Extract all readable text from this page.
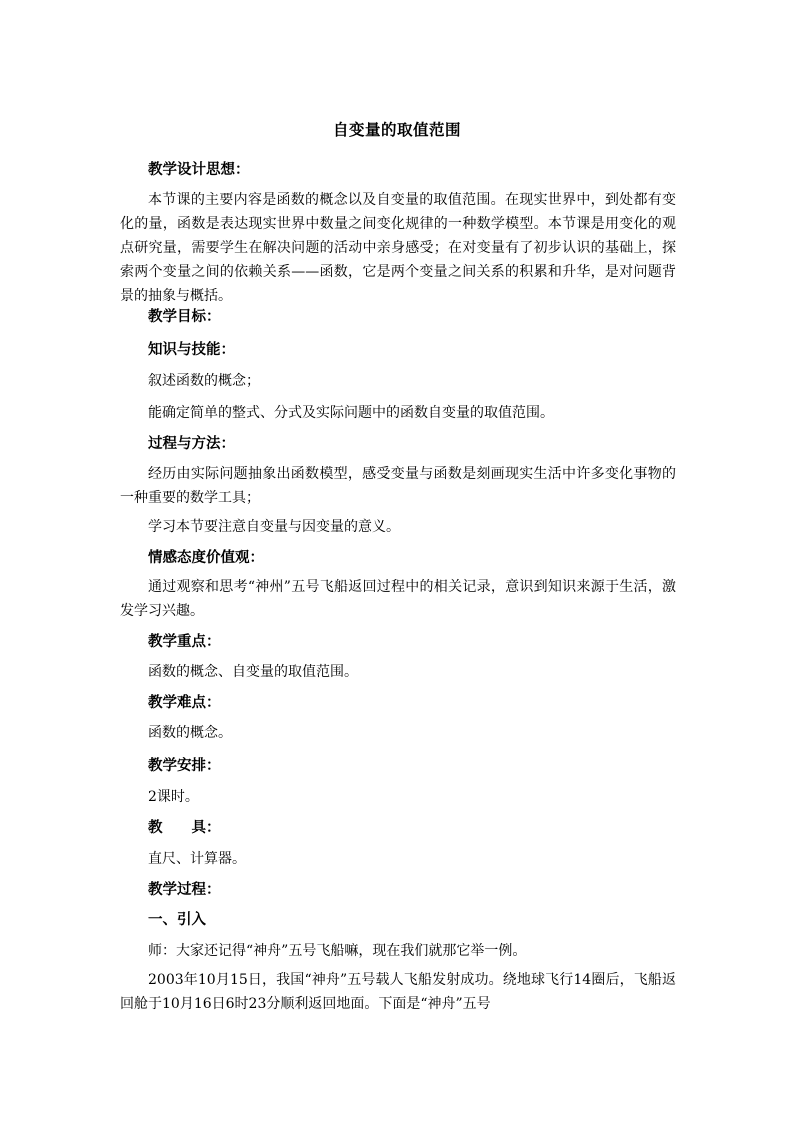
自变量的取值范围
教学设计思想：
本节课的主要内容是函数的概念以及自变量的取值范围。在现实世界中，到处都有变化的量，函数是表达现实世界中数量之间变化规律的一种数学模型。本节课是用变化的观点研究量，需要学生在解决问题的活动中亲身感受；在对变量有了初步认识的基础上，探索两个变量之间的依赖关系——函数，它是两个变量之间关系的积累和升华，是对问题背景的抽象与概括。
教学目标：
知识与技能：
叙述函数的概念；
能确定简单的整式、分式及实际问题中的函数自变量的取值范围。
过程与方法：
经历由实际问题抽象出函数模型，感受变量与函数是刻画现实生活中许多变化事物的一种重要的数学工具；
学习本节要注意自变量与因变量的意义。
情感态度价值观：
通过观察和思考“神州”五号飞船返回过程中的相关记录，意识到知识来源于生活，激发学习兴趣。
教学重点：
函数的概念、自变量的取值范围。
教学难点：
函数的概念。
教学安排：
2课时。
教　　具：
直尺、计算器。
教学过程：
一、引入
师：大家还记得“神舟”五号飞船嘛，现在我们就那它举一例。
2003年10月15日，我国“神舟”五号载人飞船发射成功。绕地球飞行14圈后，飞船返回舱于10月16日6时23分顺利返回地面。下面是“神舟”五号
